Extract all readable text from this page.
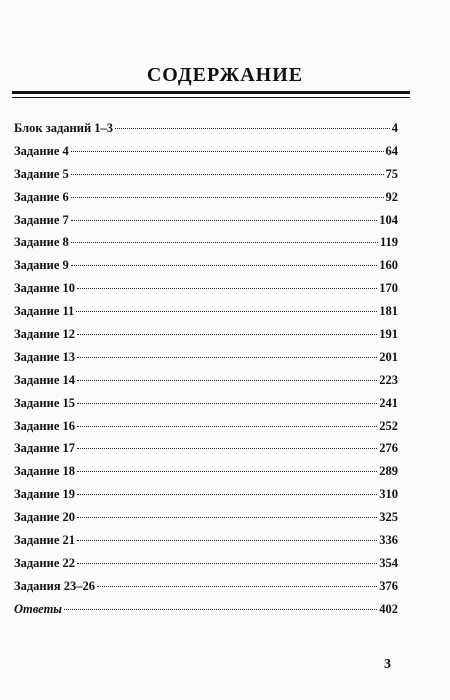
СОДЕРЖАНИЕ
Блок заданий 1–3	4
Задание 4	64
Задание 5	75
Задание 6	92
Задание 7	104
Задание 8	119
Задание 9	160
Задание 10	170
Задание 11	181
Задание 12	191
Задание 13	201
Задание 14	223
Задание 15	241
Задание 16	252
Задание 17	276
Задание 18	289
Задание 19	310
Задание 20	325
Задание 21	336
Задание 22	354
Задания 23–26	376
Ответы	402
3
